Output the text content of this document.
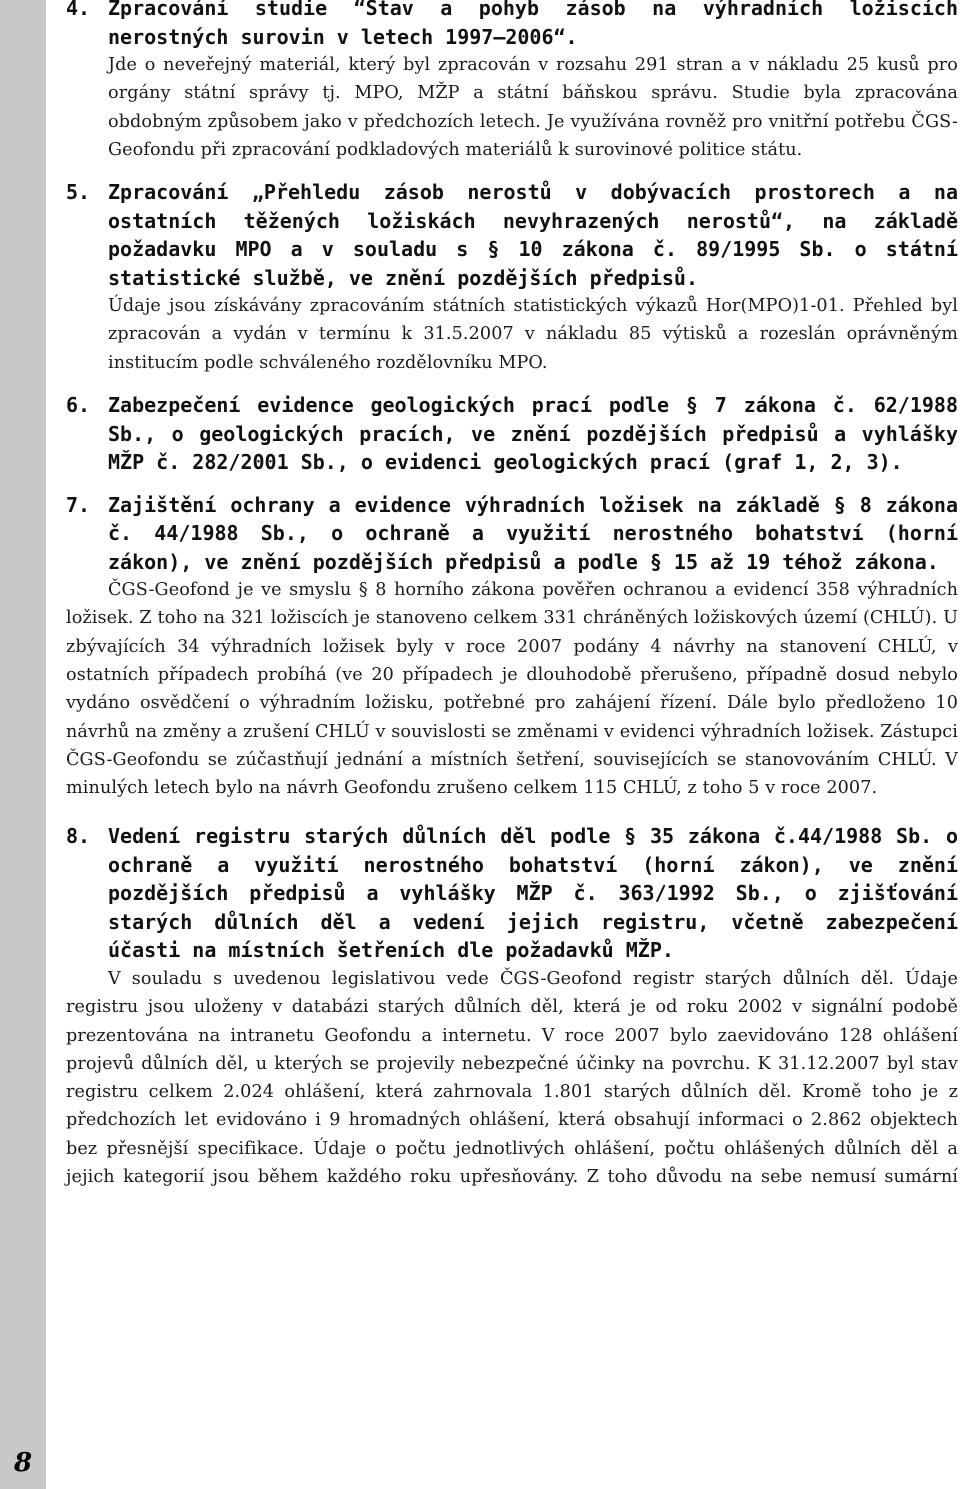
8
4. Zpracování studie “Stav a pohyb zásob na výhradních ložiscích nerostných surovin v letech 1997–2006“.
Jde o neveřejný materiál, který byl zpracován v rozsahu 291 stran a v nákladu 25 kusů pro orgány státní správy tj. MPO, MŽP a státní báňskou správu. Studie byla zpracována obdobným způsobem jako v předchozích letech. Je využívána rovněž pro vnitřní potřebu ČGS-Geofondu při zpracování podkladových materiálů k surovinové politice státu.
5. Zpracování „Přehledu zásob nerostů v dobývacích prostorech a na ostatních těžených ložiskách nevyhrazených nerostů“, na základě požadavku MPO a v souladu s § 10 zákona č. 89/1995 Sb. o státní statistické službě, ve znění pozdějších předpisů.
Údaje jsou získávány zpracováním státních statistických výkazů Hor(MPO)1-01. Přehled byl zpracován a vydán v termínu k 31.5.2007 v nákladu 85 výtisků a rozeslán oprávněným institucím podle schváleného rozdělovníku MPO.
6. Zabezpečení evidence geologických prací podle § 7 zákona č. 62/1988 Sb., o geologických pracích, ve znění pozdějších předpisů a vyhlášky MŽP č. 282/2001 Sb., o evidenci geologických prací (graf 1, 2, 3).
7. Zajištění ochrany a evidence výhradních ložisek na základě § 8 zákona č. 44/1988 Sb., o ochraně a využití nerostného bohatství (horní zákon), ve znění pozdějších předpisů a podle § 15 až 19 téhož zákona.
ČGS-Geofond je ve smyslu § 8 horního zákona pověřen ochranou a evidencí 358 výhradních ložisek. Z toho na 321 ložiscích je stanoveno celkem 331 chráněných ložiskových území (CHLÚ). U zbývajících 34 výhradních ložisek byly v roce 2007 podány 4 návrhy na stanovení CHLÚ, v ostatních případech probíhá (ve 20 případech je dlouhodobě přerušeno, případně dosud nebylo vydáno osvědčení o výhradním ložisku, potřebné pro zahájení řízení. Dále bylo předloženo 10 návrhů na změny a zrušení CHLÚ v souvislosti se změnami v evidenci výhradních ložisek. Zástupci ČGS-Geofondu se zúčastňují jednání a místních šetření, souvisejících se stanovováním CHLÚ. V minulých letech bylo na návrh Geofondu zrušeno celkem 115 CHLÚ, z toho 5 v roce 2007.
8. Vedení registru starých důlních děl podle § 35 zákona č.44/1988 Sb. o ochraně a využití nerostného bohatství (horní zákon), ve znění pozdějších předpisů a vyhlášky MŽP č. 363/1992 Sb., o zjišťování starých důlních děl a vedení jejich registru, včetně zabezpečení účasti na místních šetřeních dle požadavků MŽP.
V souladu s uvedenou legislativou vede ČGS-Geofond registr starých důlních děl. Údaje registru jsou uloženy v databázi starých důlních děl, která je od roku 2002 v signální podobě prezentována na intranetu Geofondu a internetu. V roce 2007 bylo zaevidováno 128 ohlášení projevů důlních děl, u kterých se projevily nebezpečné účinky na povrchu. K 31.12.2007 byl stav registru celkem 2.024 ohlášení, která zahrnovala 1.801 starých důlních děl. Kromě toho je z předchozích let evidováno i 9 hromadných ohlášení, která obsahují informaci o 2.862 objektech bez přesnější specifikace. Údaje o počtu jednotlivých ohlášení, počtu ohlášených důlních děl a jejich kategorií jsou během každého roku upřesňovány. Z toho důvodu na sebe nemusí sumární
